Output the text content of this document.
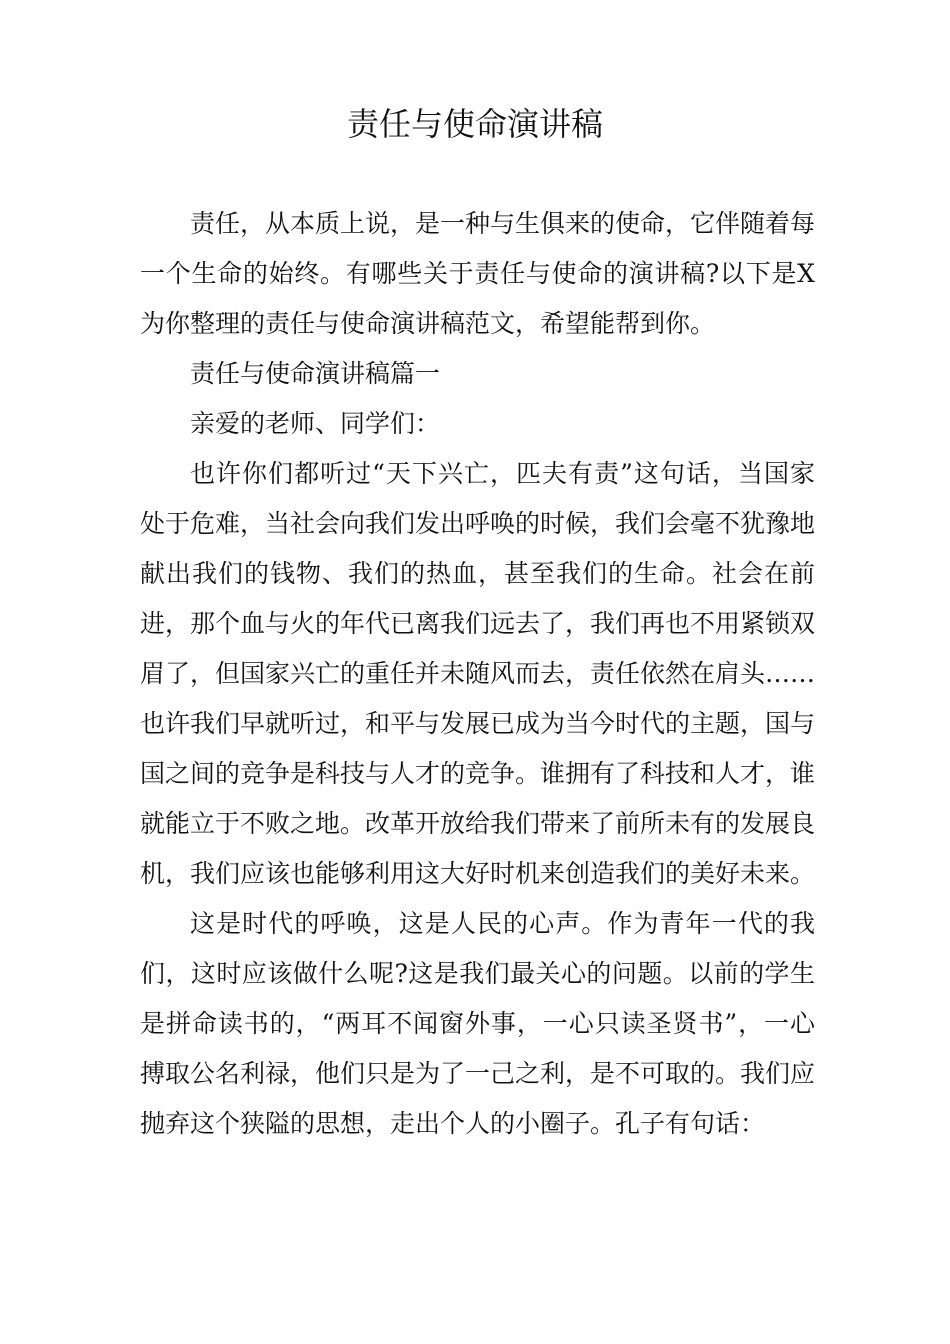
责任与使命演讲稿

责任，从本质上说，是一种与生俱来的使命，它伴随着每一个生命的始终。有哪些关于责任与使命的演讲稿?以下是X为你整理的责任与使命演讲稿范文，希望能帮到你。

责任与使命演讲稿篇一

亲爱的老师、同学们：

也许你们都听过“天下兴亡，匹夫有责”这句话，当国家处于危难，当社会向我们发出呼唤的时候，我们会毫不犹豫地献出我们的钱物、我们的热血，甚至我们的生命。社会在前进，那个血与火的年代已离我们远去了，我们再也不用紧锁双眉了，但国家兴亡的重任并未随风而去，责任依然在肩头……也许我们早就听过，和平与发展已成为当今时代的主题，国与国之间的竞争是科技与人才的竞争。谁拥有了科技和人才，谁就能立于不败之地。改革开放给我们带来了前所未有的发展良机，我们应该也能够利用这大好时机来创造我们的美好未来。

这是时代的呼唤，这是人民的心声。作为青年一代的我们，这时应该做什么呢?这是我们最关心的问题。以前的学生是拼命读书的，“两耳不闻窗外事，一心只读圣贤书”，一心搏取公名利禄，他们只是为了一己之利，是不可取的。我们应抛弃这个狭隘的思想，走出个人的小圈子。孔子有句话：
